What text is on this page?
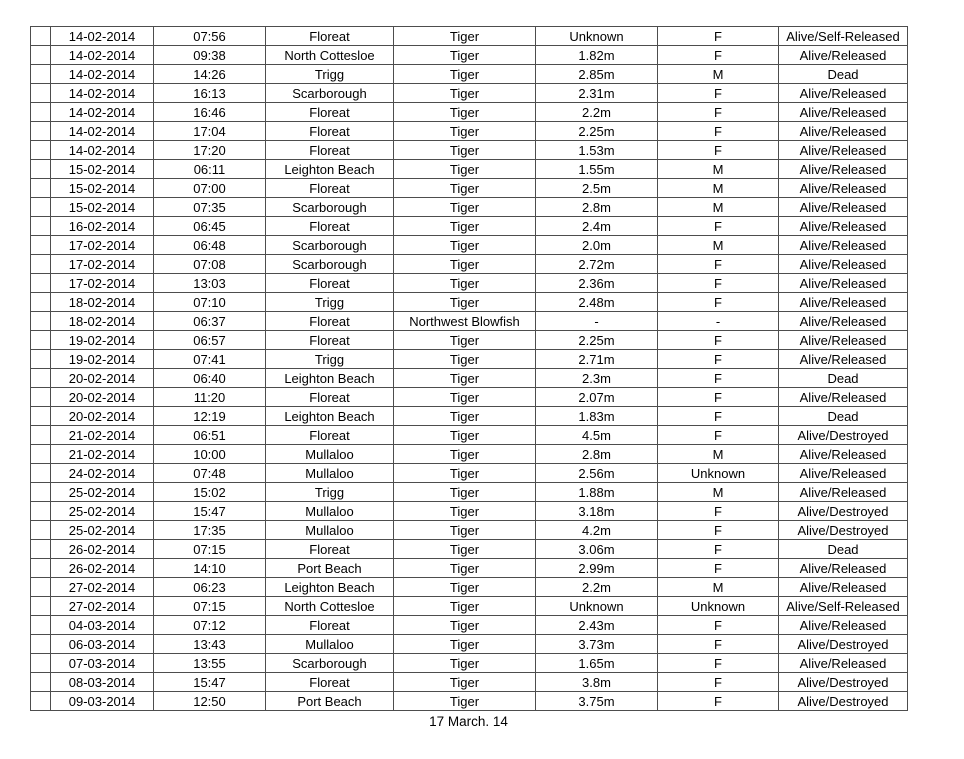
	14-02-2014	07:56	Floreat	Tiger	Unknown	F	Alive/Self-Released
	14-02-2014	09:38	North Cottesloe	Tiger	1.82m	F	Alive/Released
	14-02-2014	14:26	Trigg	Tiger	2.85m	M	Dead
	14-02-2014	16:13	Scarborough	Tiger	2.31m	F	Alive/Released
	14-02-2014	16:46	Floreat	Tiger	2.2m	F	Alive/Released
	14-02-2014	17:04	Floreat	Tiger	2.25m	F	Alive/Released
	14-02-2014	17:20	Floreat	Tiger	1.53m	F	Alive/Released
	15-02-2014	06:11	Leighton Beach	Tiger	1.55m	M	Alive/Released
	15-02-2014	07:00	Floreat	Tiger	2.5m	M	Alive/Released
	15-02-2014	07:35	Scarborough	Tiger	2.8m	M	Alive/Released
	16-02-2014	06:45	Floreat	Tiger	2.4m	F	Alive/Released
	17-02-2014	06:48	Scarborough	Tiger	2.0m	M	Alive/Released
	17-02-2014	07:08	Scarborough	Tiger	2.72m	F	Alive/Released
	17-02-2014	13:03	Floreat	Tiger	2.36m	F	Alive/Released
	18-02-2014	07:10	Trigg	Tiger	2.48m	F	Alive/Released
	18-02-2014	06:37	Floreat	Northwest Blowfish	-	-	Alive/Released
	19-02-2014	06:57	Floreat	Tiger	2.25m	F	Alive/Released
	19-02-2014	07:41	Trigg	Tiger	2.71m	F	Alive/Released
	20-02-2014	06:40	Leighton Beach	Tiger	2.3m	F	Dead
	20-02-2014	11:20	Floreat	Tiger	2.07m	F	Alive/Released
	20-02-2014	12:19	Leighton Beach	Tiger	1.83m	F	Dead
	21-02-2014	06:51	Floreat	Tiger	4.5m	F	Alive/Destroyed
	21-02-2014	10:00	Mullaloo	Tiger	2.8m	M	Alive/Released
	24-02-2014	07:48	Mullaloo	Tiger	2.56m	Unknown	Alive/Released
	25-02-2014	15:02	Trigg	Tiger	1.88m	M	Alive/Released
	25-02-2014	15:47	Mullaloo	Tiger	3.18m	F	Alive/Destroyed
	25-02-2014	17:35	Mullaloo	Tiger	4.2m	F	Alive/Destroyed
	26-02-2014	07:15	Floreat	Tiger	3.06m	F	Dead
	26-02-2014	14:10	Port Beach	Tiger	2.99m	F	Alive/Released
	27-02-2014	06:23	Leighton Beach	Tiger	2.2m	M	Alive/Released
	27-02-2014	07:15	North Cottesloe	Tiger	Unknown	Unknown	Alive/Self-Released
	04-03-2014	07:12	Floreat	Tiger	2.43m	F	Alive/Released
	06-03-2014	13:43	Mullaloo	Tiger	3.73m	F	Alive/Destroyed
	07-03-2014	13:55	Scarborough	Tiger	1.65m	F	Alive/Released
	08-03-2014	15:47	Floreat	Tiger	3.8m	F	Alive/Destroyed
	09-03-2014	12:50	Port Beach	Tiger	3.75m	F	Alive/Destroyed
17 March. 14
